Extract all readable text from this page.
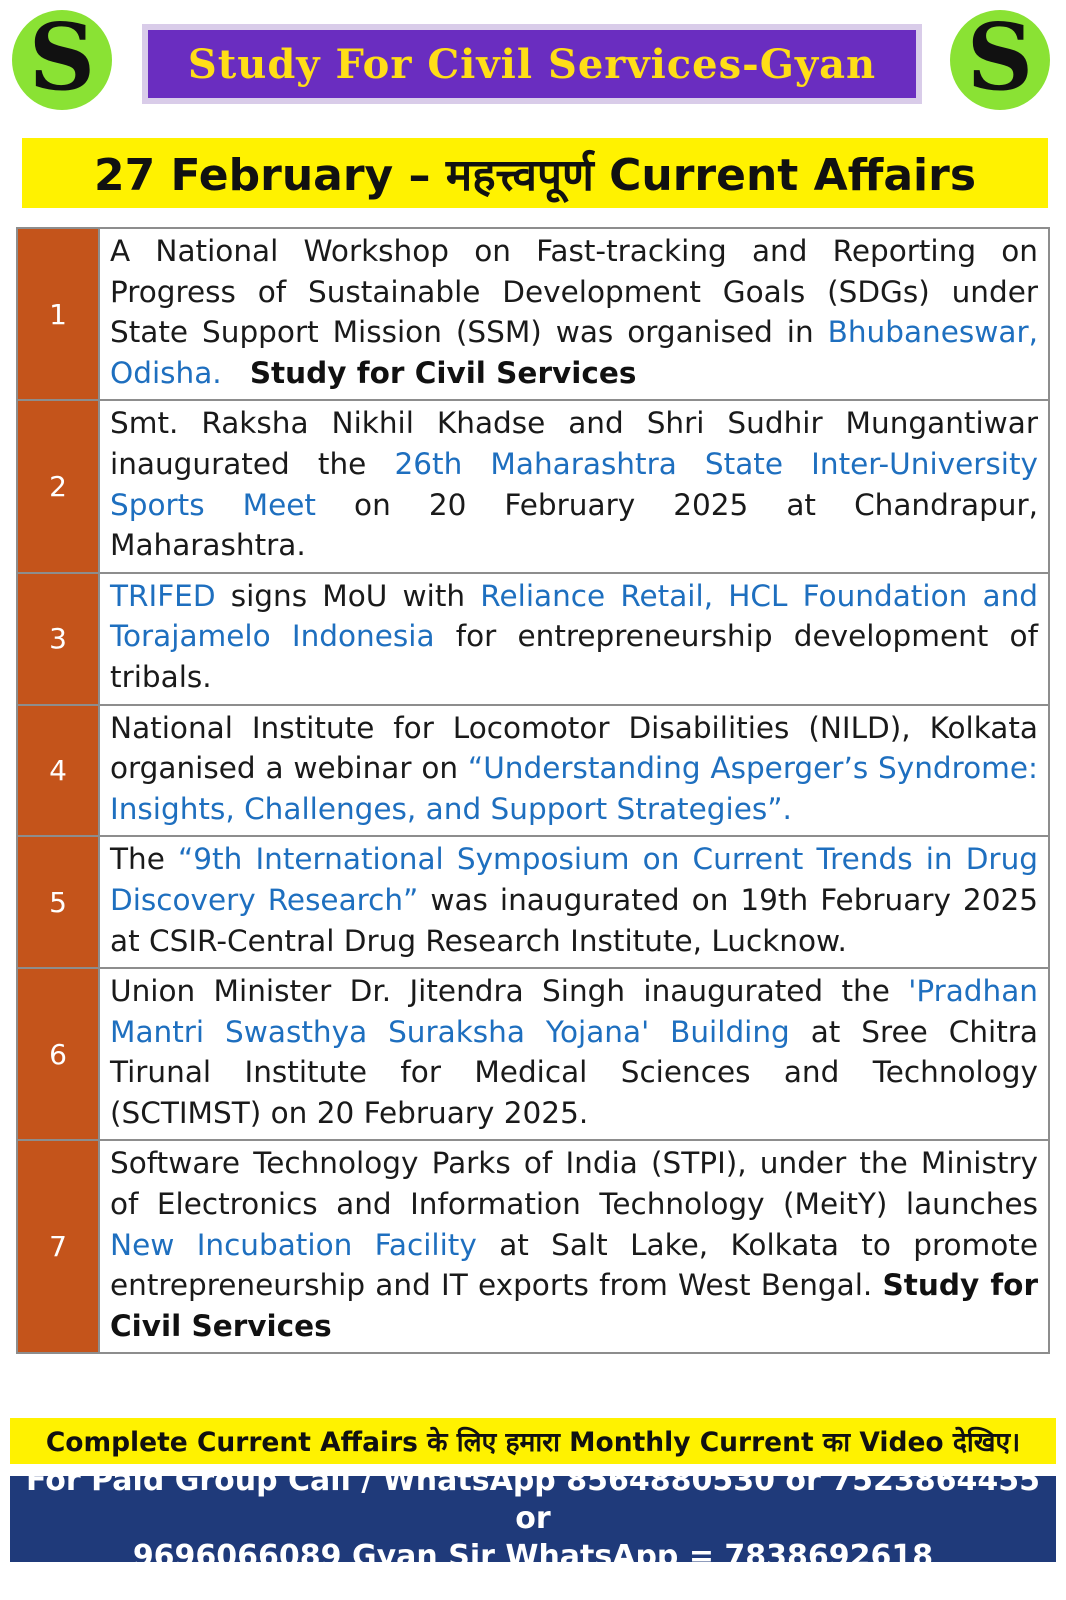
S Study For Civil Services-Gyan S
27 February – महत्त्वपूर्ण Current Affairs
1	A National Workshop on Fast-tracking and Reporting on Progress of Sustainable Development Goals (SDGs) under State Support Mission (SSM) was organised in Bhubaneswar, Odisha. Study for Civil Services
2	Smt. Raksha Nikhil Khadse and Shri Sudhir Mungantiwar inaugurated the 26th Maharashtra State Inter-University Sports Meet on 20 February 2025 at Chandrapur, Maharashtra.
3	TRIFED signs MoU with Reliance Retail, HCL Foundation and Torajamelo Indonesia for entrepreneurship development of tribals.
4	National Institute for Locomotor Disabilities (NILD), Kolkata organised a webinar on “Understanding Asperger’s Syndrome: Insights, Challenges, and Support Strategies”.
5	The “9th International Symposium on Current Trends in Drug Discovery Research” was inaugurated on 19th February 2025 at CSIR-Central Drug Research Institute, Lucknow.
6	Union Minister Dr. Jitendra Singh inaugurated the 'Pradhan Mantri Swasthya Suraksha Yojana' Building at Sree Chitra Tirunal Institute for Medical Sciences and Technology (SCTIMST) on 20 February 2025.
7	Software Technology Parks of India (STPI), under the Ministry of Electronics and Information Technology (MeitY) launches New Incubation Facility at Salt Lake, Kolkata to promote entrepreneurship and IT exports from West Bengal. Study for Civil Services
Complete Current Affairs के लिए हमारा Monthly Current का Video देखिए।
For Paid Group Call / WhatsApp 8564880530 or 7523864455 or
9696066089 Gyan Sir WhatsApp = 7838692618
